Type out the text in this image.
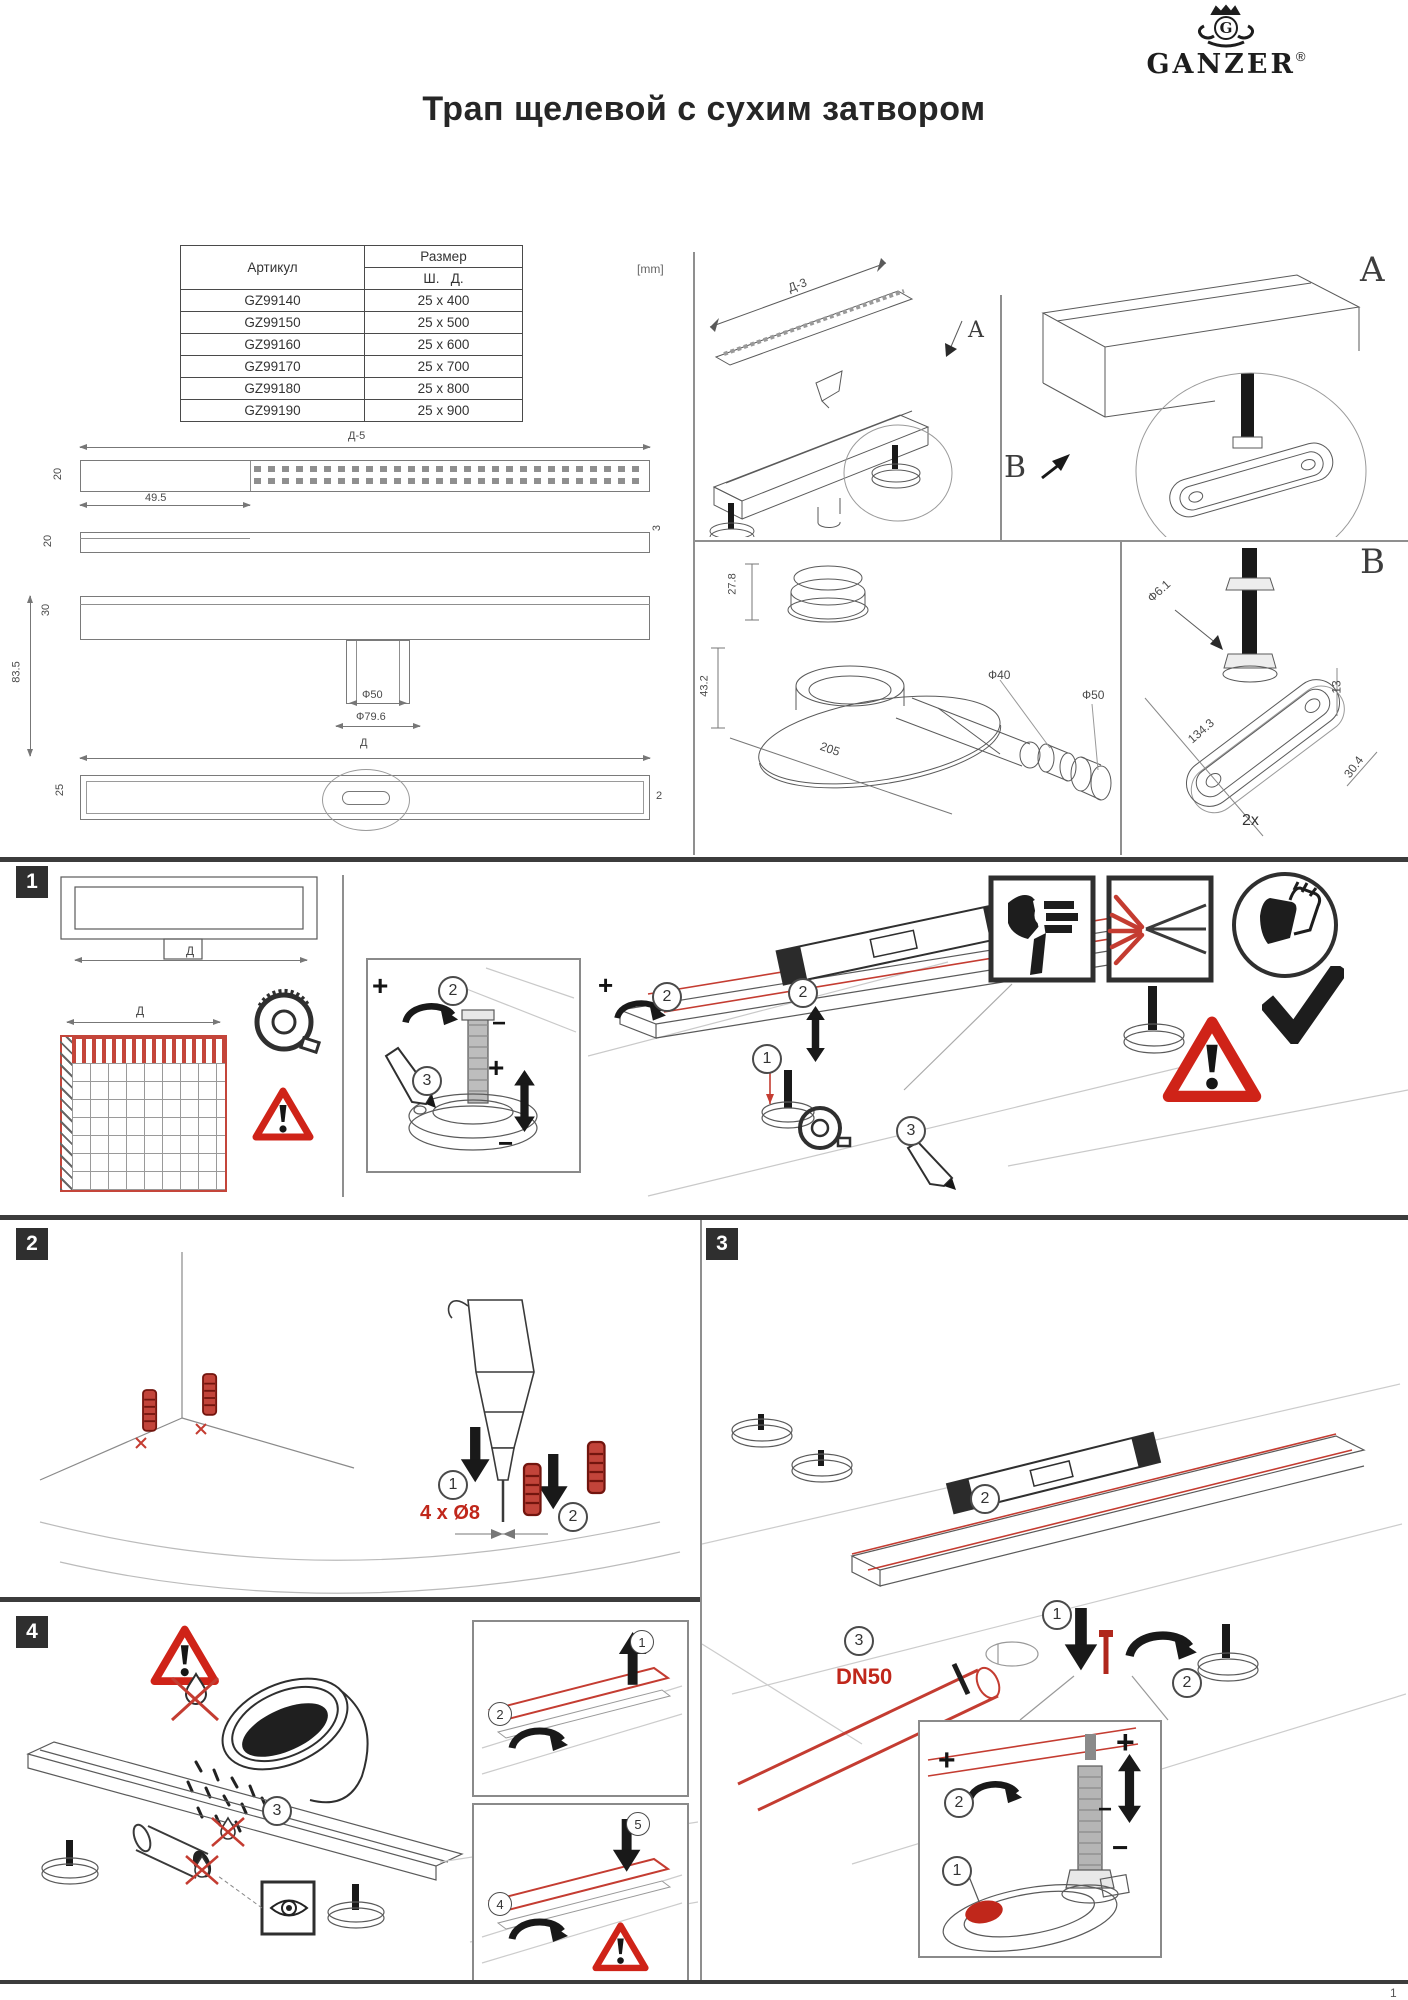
G
GANZER®
Трап щелевой с сухим затвором
Артикул	Размер
	Ш. Д.
GZ99140	25 x 400
GZ99150	25 x 500
GZ99160	25 x 600
GZ99170	25 x 700
GZ99180	25 x 800
GZ99190	25 x 900
[mm]
Д-5
20
49.5
20
3
30
83.5
Ф50
Ф79.6
Д
25	2
Д-3
A
A
B
27.8
43.2
205
Ф40
Ф50
Ф6.1
134.3
13
30.4
2x
B
1
Д
Д
+	2
−
3	+
−
+	2	2
1
3
2
1
2
4 x Ø8
3
2
3
DN50
1
2
+
2	−
+
−
1
4
3
1
2
5
4
1
